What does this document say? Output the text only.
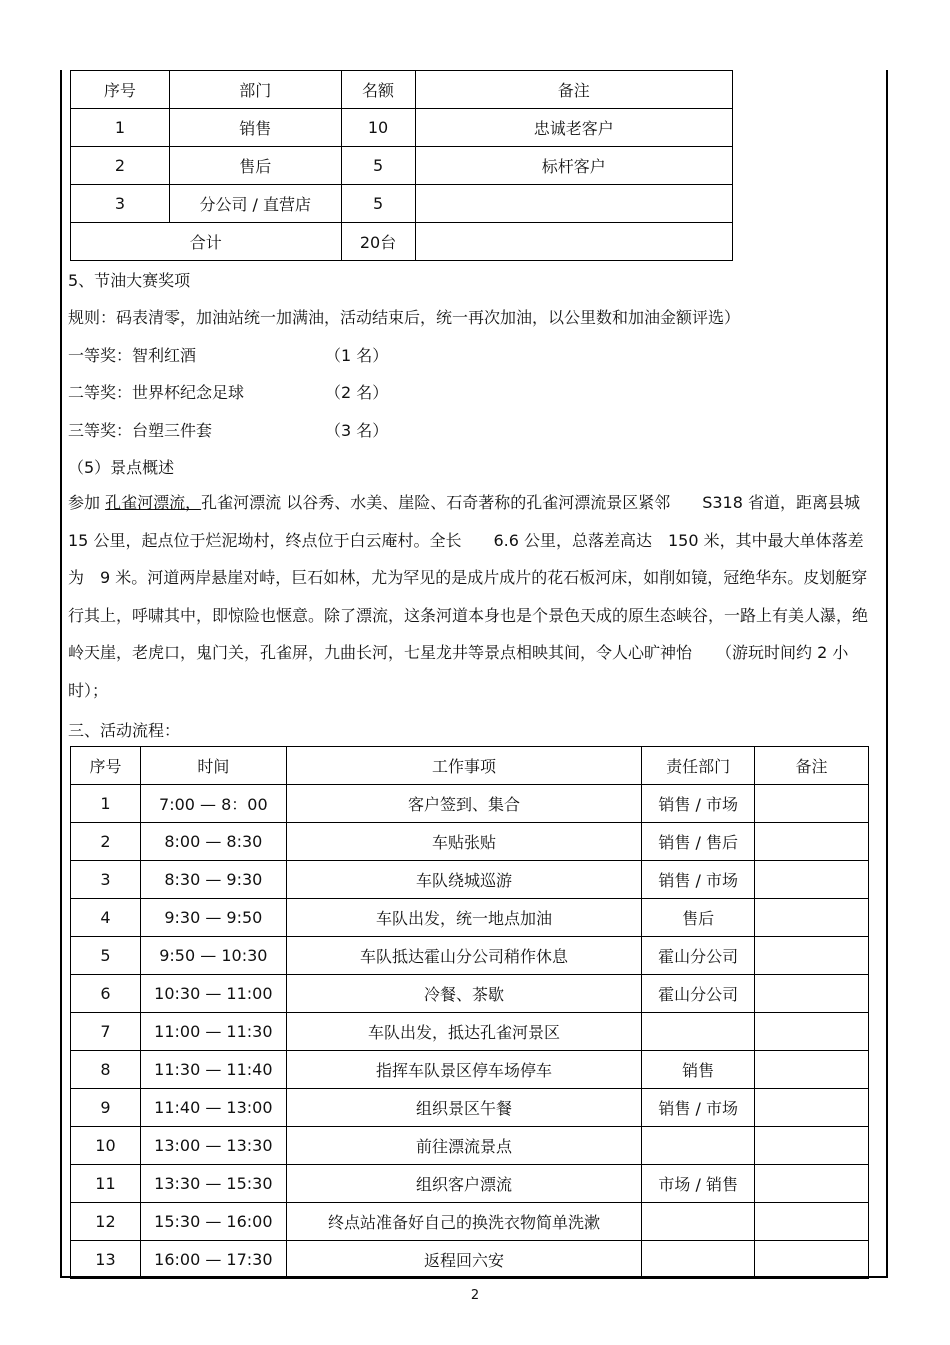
序号	部门	名额	备注
1	销售	10	忠诚老客户
2	售后	5	标杆客户
3	分公司 / 直营店	5	
合计		20台	
5、节油大赛奖项
规则：码表清零，加油站统一加满油，活动结束后，统一再次加油，以公里数和加油金额评选）
一等奖：智利红酒	（1 名）
二等奖：世界杯纪念足球	（2 名）
三等奖：台塑三件套	（3 名）
（5）景点概述
参加 孔雀河漂流，孔雀河漂流 以谷秀、水美、崖险、石奇著称的孔雀河漂流景区紧邻　　S318 省道，距离县城 15 公里，起点位于烂泥坳村，终点位于白云庵村。全长　　6.6 公里，总落差高达　150 米，其中最大单体落差为　9 米。河道两岸悬崖对峙，巨石如林，尤为罕见的是成片成片的花石板河床，如削如镜，冠绝华东。皮划艇穿行其上，呼啸其中，即惊险也惬意。除了漂流，这条河道本身也是个景色天成的原生态峡谷，一路上有美人瀑，绝岭天崖，老虎口，鬼门关，孔雀屏，九曲长河，七星龙井等景点相映其间，令人心旷神怡　　（游玩时间约 2 小时）；
三、活动流程：
序号	时间	工作事项	责任部门	备注
1	7:00 — 8：00	客户签到、集合	销售 / 市场	
2	8:00 — 8:30	车贴张贴	销售 / 售后	
3	8:30 — 9:30	车队绕城巡游	销售 / 市场	
4	9:30 — 9:50	车队出发，统一地点加油	售后	
5	9:50 — 10:30	车队抵达霍山分公司稍作休息	霍山分公司	
6	10:30 — 11:00	冷餐、茶歇	霍山分公司	
7	11:00 — 11:30	车队出发，抵达孔雀河景区		
8	11:30 — 11:40	指挥车队景区停车场停车	销售	
9	11:40 — 13:00	组织景区午餐	销售 / 市场	
10	13:00 — 13:30	前往漂流景点		
11	13:30 — 15:30	组织客户漂流	市场 / 销售	
12	15:30 — 16:00	终点站准备好自己的换洗衣物简单洗漱		
13	16:00 — 17:30	返程回六安		
2
